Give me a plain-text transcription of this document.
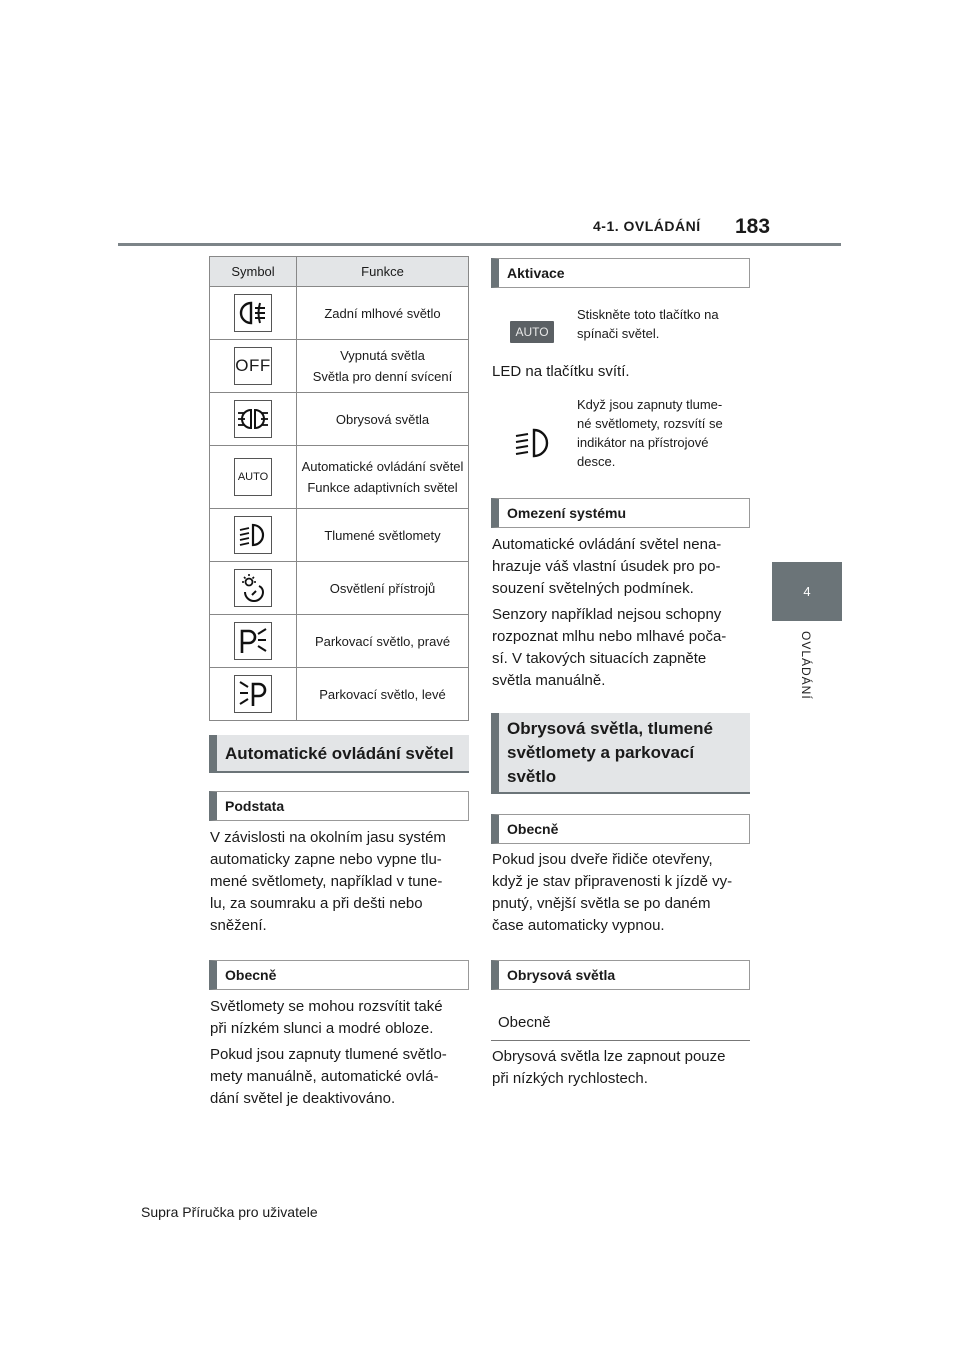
4-1. OVLÁDÁNÍ 183
4
OVLÁDÁNÍ
Symbol	Funkce

Zadní mlhové světlo

OFF	Vypnutá světla
Světla pro denní svícení

Obrysová světla

AUTO	Automatické ovládání světel
Funkce adaptivních světel

Tlumené světlomety

Osvětlení přístrojů

Parkovací světlo, pravé

Parkovací světlo, levé
Automatické ovládání světel
Podstata
V závislosti na okolním jasu systém
automaticky zapne nebo vypne tlu-
mené světlomety, například v tune-
lu, za soumraku a při dešti nebo
sněžení.
Obecně
Světlomety se mohou rozsvítit také
při nízkém slunci a modré obloze.
Pokud jsou zapnuty tlumené světlo-
mety manuálně, automatické ovlá-
dání světel je deaktivováno.
Aktivace
AUTO
Stiskněte toto tlačítko na
spínači světel.
LED na tlačítku svítí.
Když jsou zapnuty tlume-
né světlomety, rozsvítí se
indikátor na přístrojové
desce.
Omezení systému
Automatické ovládání světel nena-
hrazuje váš vlastní úsudek pro po-
souzení světelných podmínek.
Senzory například nejsou schopny
rozpoznat mlhu nebo mlhavé poča-
sí. V takových situacích zapněte
světla manuálně.
Obrysová světla, tlumené
světlomety a parkovací
světlo
Obecně
Pokud jsou dveře řidiče otevřeny,
když je stav připravenosti k jízdě vy-
pnutý, vnější světla se po daném
čase automaticky vypnou.
Obrysová světla
Obecně
Obrysová světla lze zapnout pouze
při nízkých rychlostech.
Supra Příručka pro uživatele
